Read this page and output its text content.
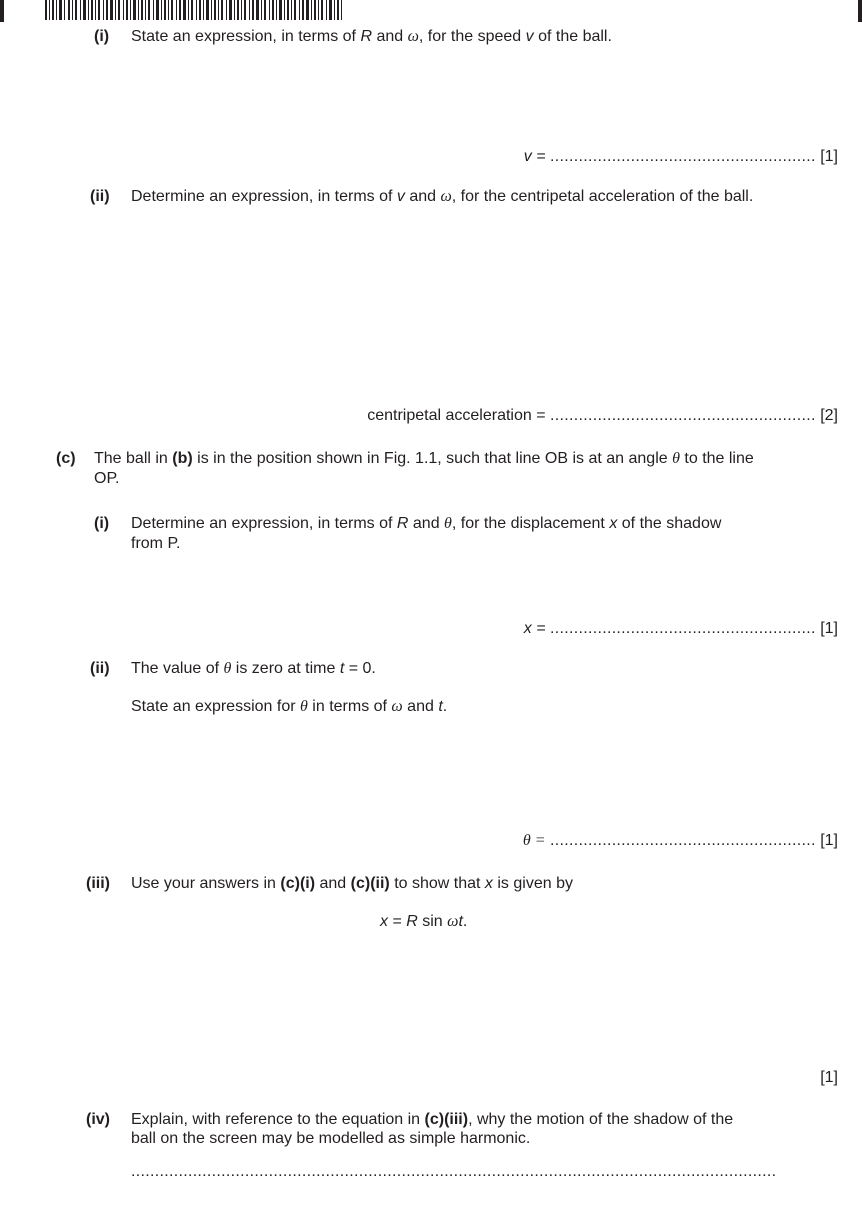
(i) State an expression, in terms of R and ω, for the speed v of the ball.
v = ........................................................ [1]
(ii) Determine an expression, in terms of v and ω, for the centripetal acceleration of the ball.
centripetal acceleration = ........................................................ [2]
(c) The ball in (b) is in the position shown in Fig. 1.1, such that line OB is at an angle θ to the line
OP.
(i) Determine an expression, in terms of R and θ, for the displacement x of the shadow
from P.
x = ........................................................ [1]
(ii) The value of θ is zero at time t = 0.
State an expression for θ in terms of ω and t.
θ = ........................................................ [1]
(iii) Use your answers in (c)(i) and (c)(ii) to show that x is given by
x = R sin ωt.
[1]
(iv) Explain, with reference to the equation in (c)(iii), why the motion of the shadow of the
ball on the screen may be modelled as simple harmonic.
........................................................................................................................................
